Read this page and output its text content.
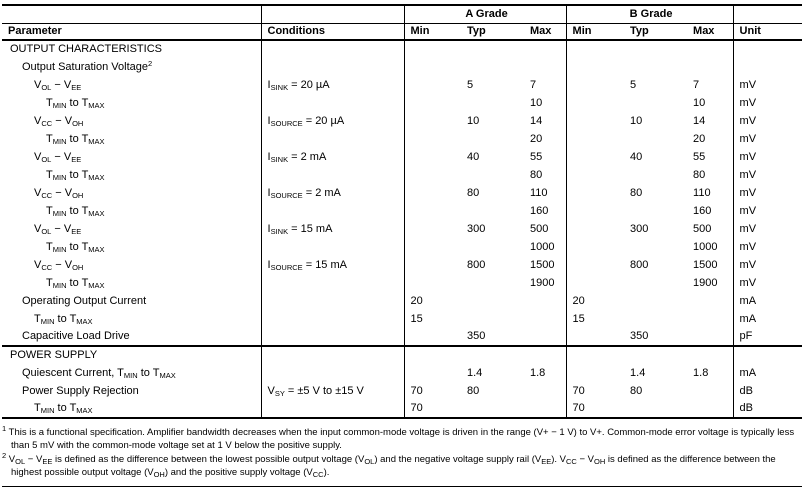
		A Grade			B Grade			
Parameter	Conditions	Min	Typ	Max	Min	Typ	Max	Unit
OUTPUT CHARACTERISTICS								
Output Saturation Voltage$^2$								
$V_{OL} - V_{EE}$	$I_{SINK} = 20$ µA		5	7		5	7	mV
$T_{MIN}$ to $T_{MAX}$				10			10	mV
$V_{CC} - V_{OH}$	$I_{SOURCE} = 20$ µA		10	14		10	14	mV
$T_{MIN}$ to $T_{MAX}$				20			20	mV
$V_{OL} - V_{EE}$	$I_{SINK} = 2$ mA		40	55		40	55	mV
$T_{MIN}$ to $T_{MAX}$				80			80	mV
$V_{CC} - V_{OH}$	$I_{SOURCE} = 2$ mA		80	110		80	110	mV
$T_{MIN}$ to $T_{MAX}$				160			160	mV
$V_{OL} - V_{EE}$	$I_{SINK} = 15$ mA		300	500		300	500	mV
$T_{MIN}$ to $T_{MAX}$				1000			1000	mV
$V_{CC} - V_{OH}$	$I_{SOURCE} = 15$ mA		800	1500		800	1500	mV
$T_{MIN}$ to $T_{MAX}$				1900			1900	mV
Operating Output Current		20			20			mA
$T_{MIN}$ to $T_{MAX}$		15			15			mA
Capacitive Load Drive			350			350		pF
POWER SUPPLY								
Quiescent Current, $T_{MIN}$ to $T_{MAX}$			1.4	1.8		1.4	1.8	mA
Power Supply Rejection	$V_{SY} = \pm 5$ V to ±15 V	70	80		70	80		dB
$T_{MIN}$ to $T_{MAX}$		70			70			dB

$^1$ This is a functional specification. Amplifier bandwidth decreases when the input common-mode voltage is driven in the range (V+ − 1 V) to V+. Common-mode error voltage is typically less than 5 mV with the common-mode voltage set at 1 V below the positive supply.

$^2$ $V_{OL} - V_{EE}$ is defined as the difference between the lowest possible output voltage $(V_{OL})$ and the negative voltage supply rail $(V_{EE})$. $V_{CC} - V_{OH}$ is defined as the difference between the highest possible output voltage $(V_{OH})$ and the positive supply voltage $(V_{CC})$.
